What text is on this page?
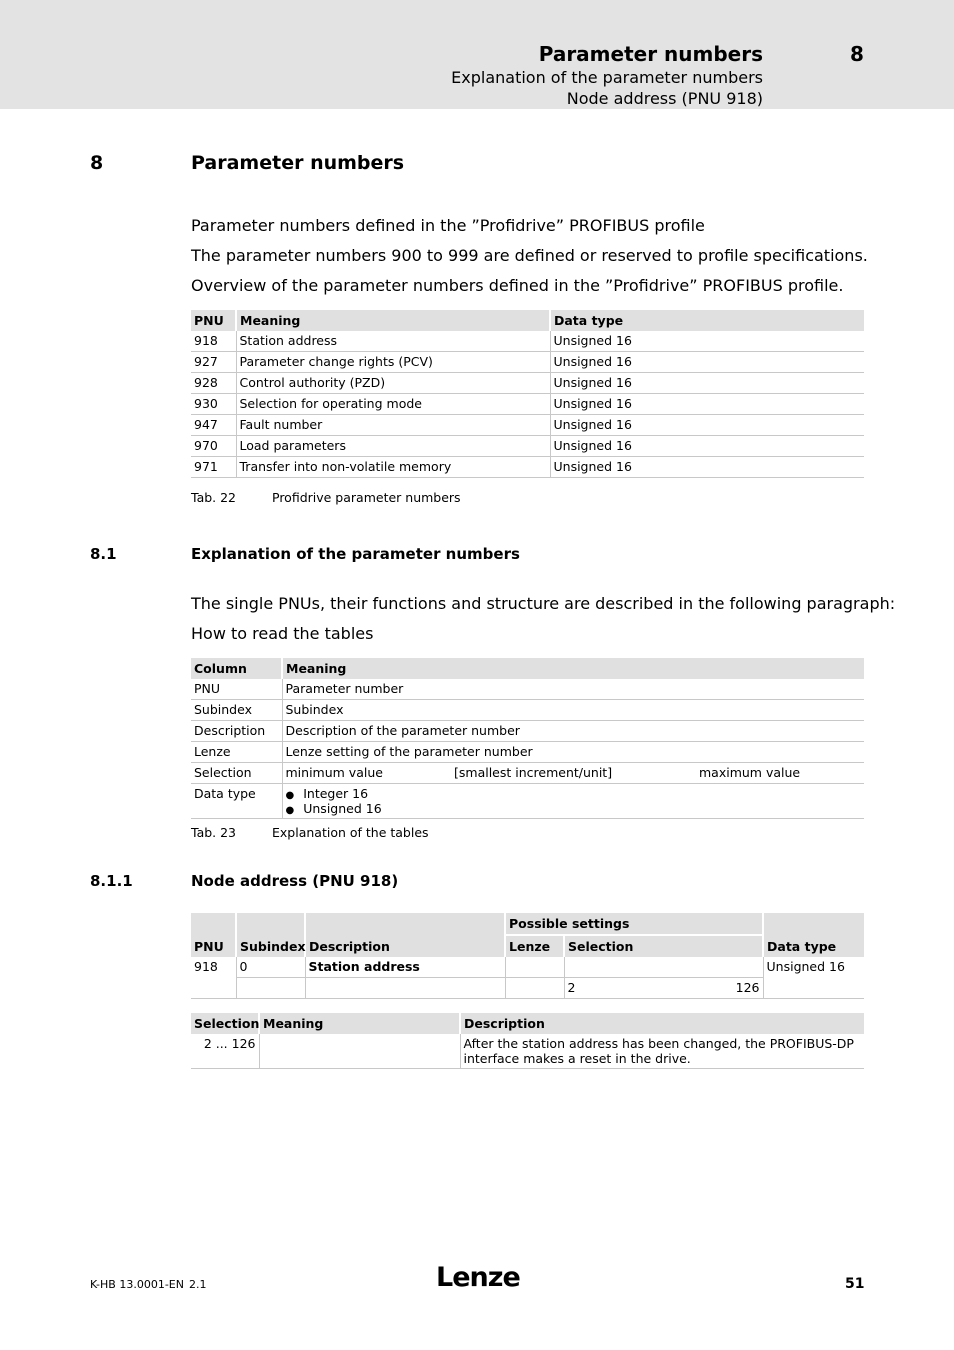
Parameter numbers	8
Explanation of the parameter numbers
Node address (PNU 918)
8	Parameter numbers
Parameter numbers defined in the ”Profidrive” PROFIBUS profile
The parameter numbers 900 to 999 are defined or reserved to profile specifications.
Overview of the parameter numbers defined in the ”Profidrive” PROFIBUS profile.
PNU	Meaning	Data type
918	Station address	Unsigned 16
927	Parameter change rights (PCV)	Unsigned 16
928	Control authority (PZD)	Unsigned 16
930	Selection for operating mode	Unsigned 16
947	Fault number	Unsigned 16
970	Load parameters	Unsigned 16
971	Transfer into non-volatile memory	Unsigned 16
Tab. 22	Profidrive parameter numbers
8.1	Explanation of the parameter numbers
The single PNUs, their functions and structure are described in the following paragraph:
How to read the tables
Column	Meaning		
PNU	Parameter number		
Subindex	Subindex		
Description	Description of the parameter number		
Lenze	Lenze setting of the parameter number		
Selection	minimum value	[smallest increment/unit]	maximum value
Data type	● Integer 16
● Unsigned 16
Tab. 23	Explanation of the tables
8.1.1	Node address (PNU 918)
PNU	Subindex	Description	Possible settings		Data type
			Lenze	Selection	
918	0	Station address			Unsigned 16
				2 126	
Selection	Meaning	Description
2 ... 126		After the station address has been changed, the PROFIBUS-DP
interface makes a reset in the drive.
K-HB 13.0001-EN 2.1	Lenze	51
